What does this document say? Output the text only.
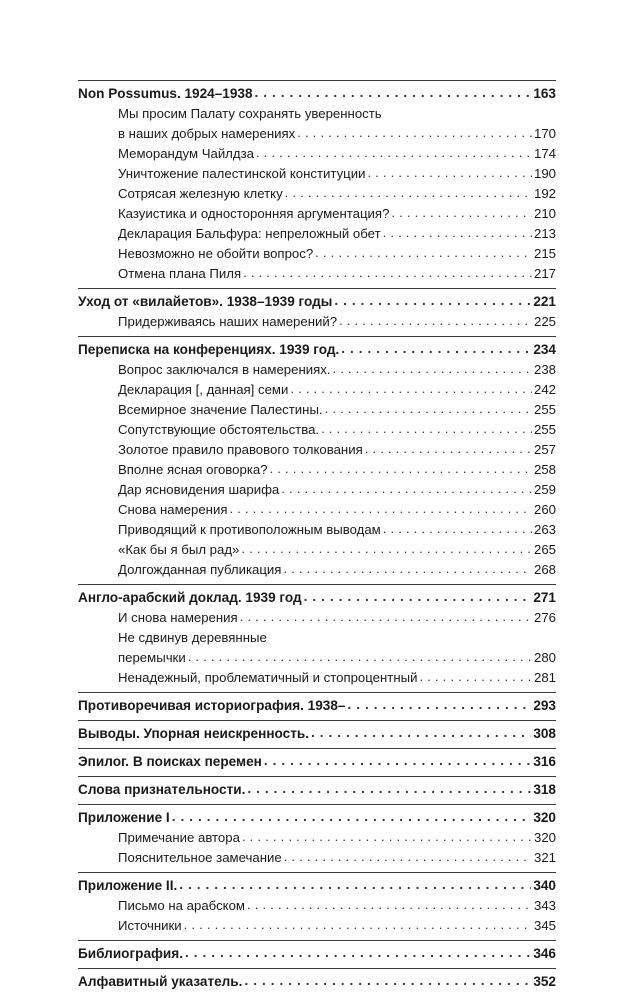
Non Possumus. 1924–1938 . . .	163
Мы просим Палату сохранять уверенность
в наших добрых намерениях . . .	170
Меморандум Чайлдза . . .	174
Уничтожение палестинской конституции . . .	190
Сотрясая железную клетку . . .	192
Казуистика и односторонняя аргументация? . . .	210
Декларация Бальфура: непреложный обет . . .	213
Невозможно не обойти вопрос? . . .	215
Отмена плана Пиля . . .	217
Уход от «вилайетов». 1938–1939 годы . . .	221
Придерживаясь наших намерений? . . .	225
Переписка на конференциях. 1939 год. . . .	234
Вопрос заключался в намерениях. . . .	238
Декларация [, данная] семи . . .	242
Всемирное значение Палестины. . . .	255
Сопутствующие обстоятельства. . . .	255
Золотое правило правового толкования . . .	257
Вполне ясная оговорка? . . .	258
Дар ясновидения шарифа . . .	259
Снова намерения . . .	260
Приводящий к противоположным выводам . . .	263
«Как бы я был рад» . . .	265
Долгожданная публикация . . .	268
Англо-арабский доклад. 1939 год . . .	271
И снова намерения . . .	276
Не сдвинув деревянные
перемычки . . .	280
Ненадежный, проблематичный и стопроцентный . . .	281
Противоречивая историография. 1938– . . .	293
Выводы. Упорная неискренность. . . .	308
Эпилог. В поисках перемен . . .	316
Слова признательности. . . .	318
Приложение I . . .	320
Примечание автора . . .	320
Пояснительное замечание . . .	321
Приложение II. . . .	340
Письмо на арабском . . .	343
Источники . . .	345
Библиография. . . .	346
Алфавитный указатель. . . .	352
